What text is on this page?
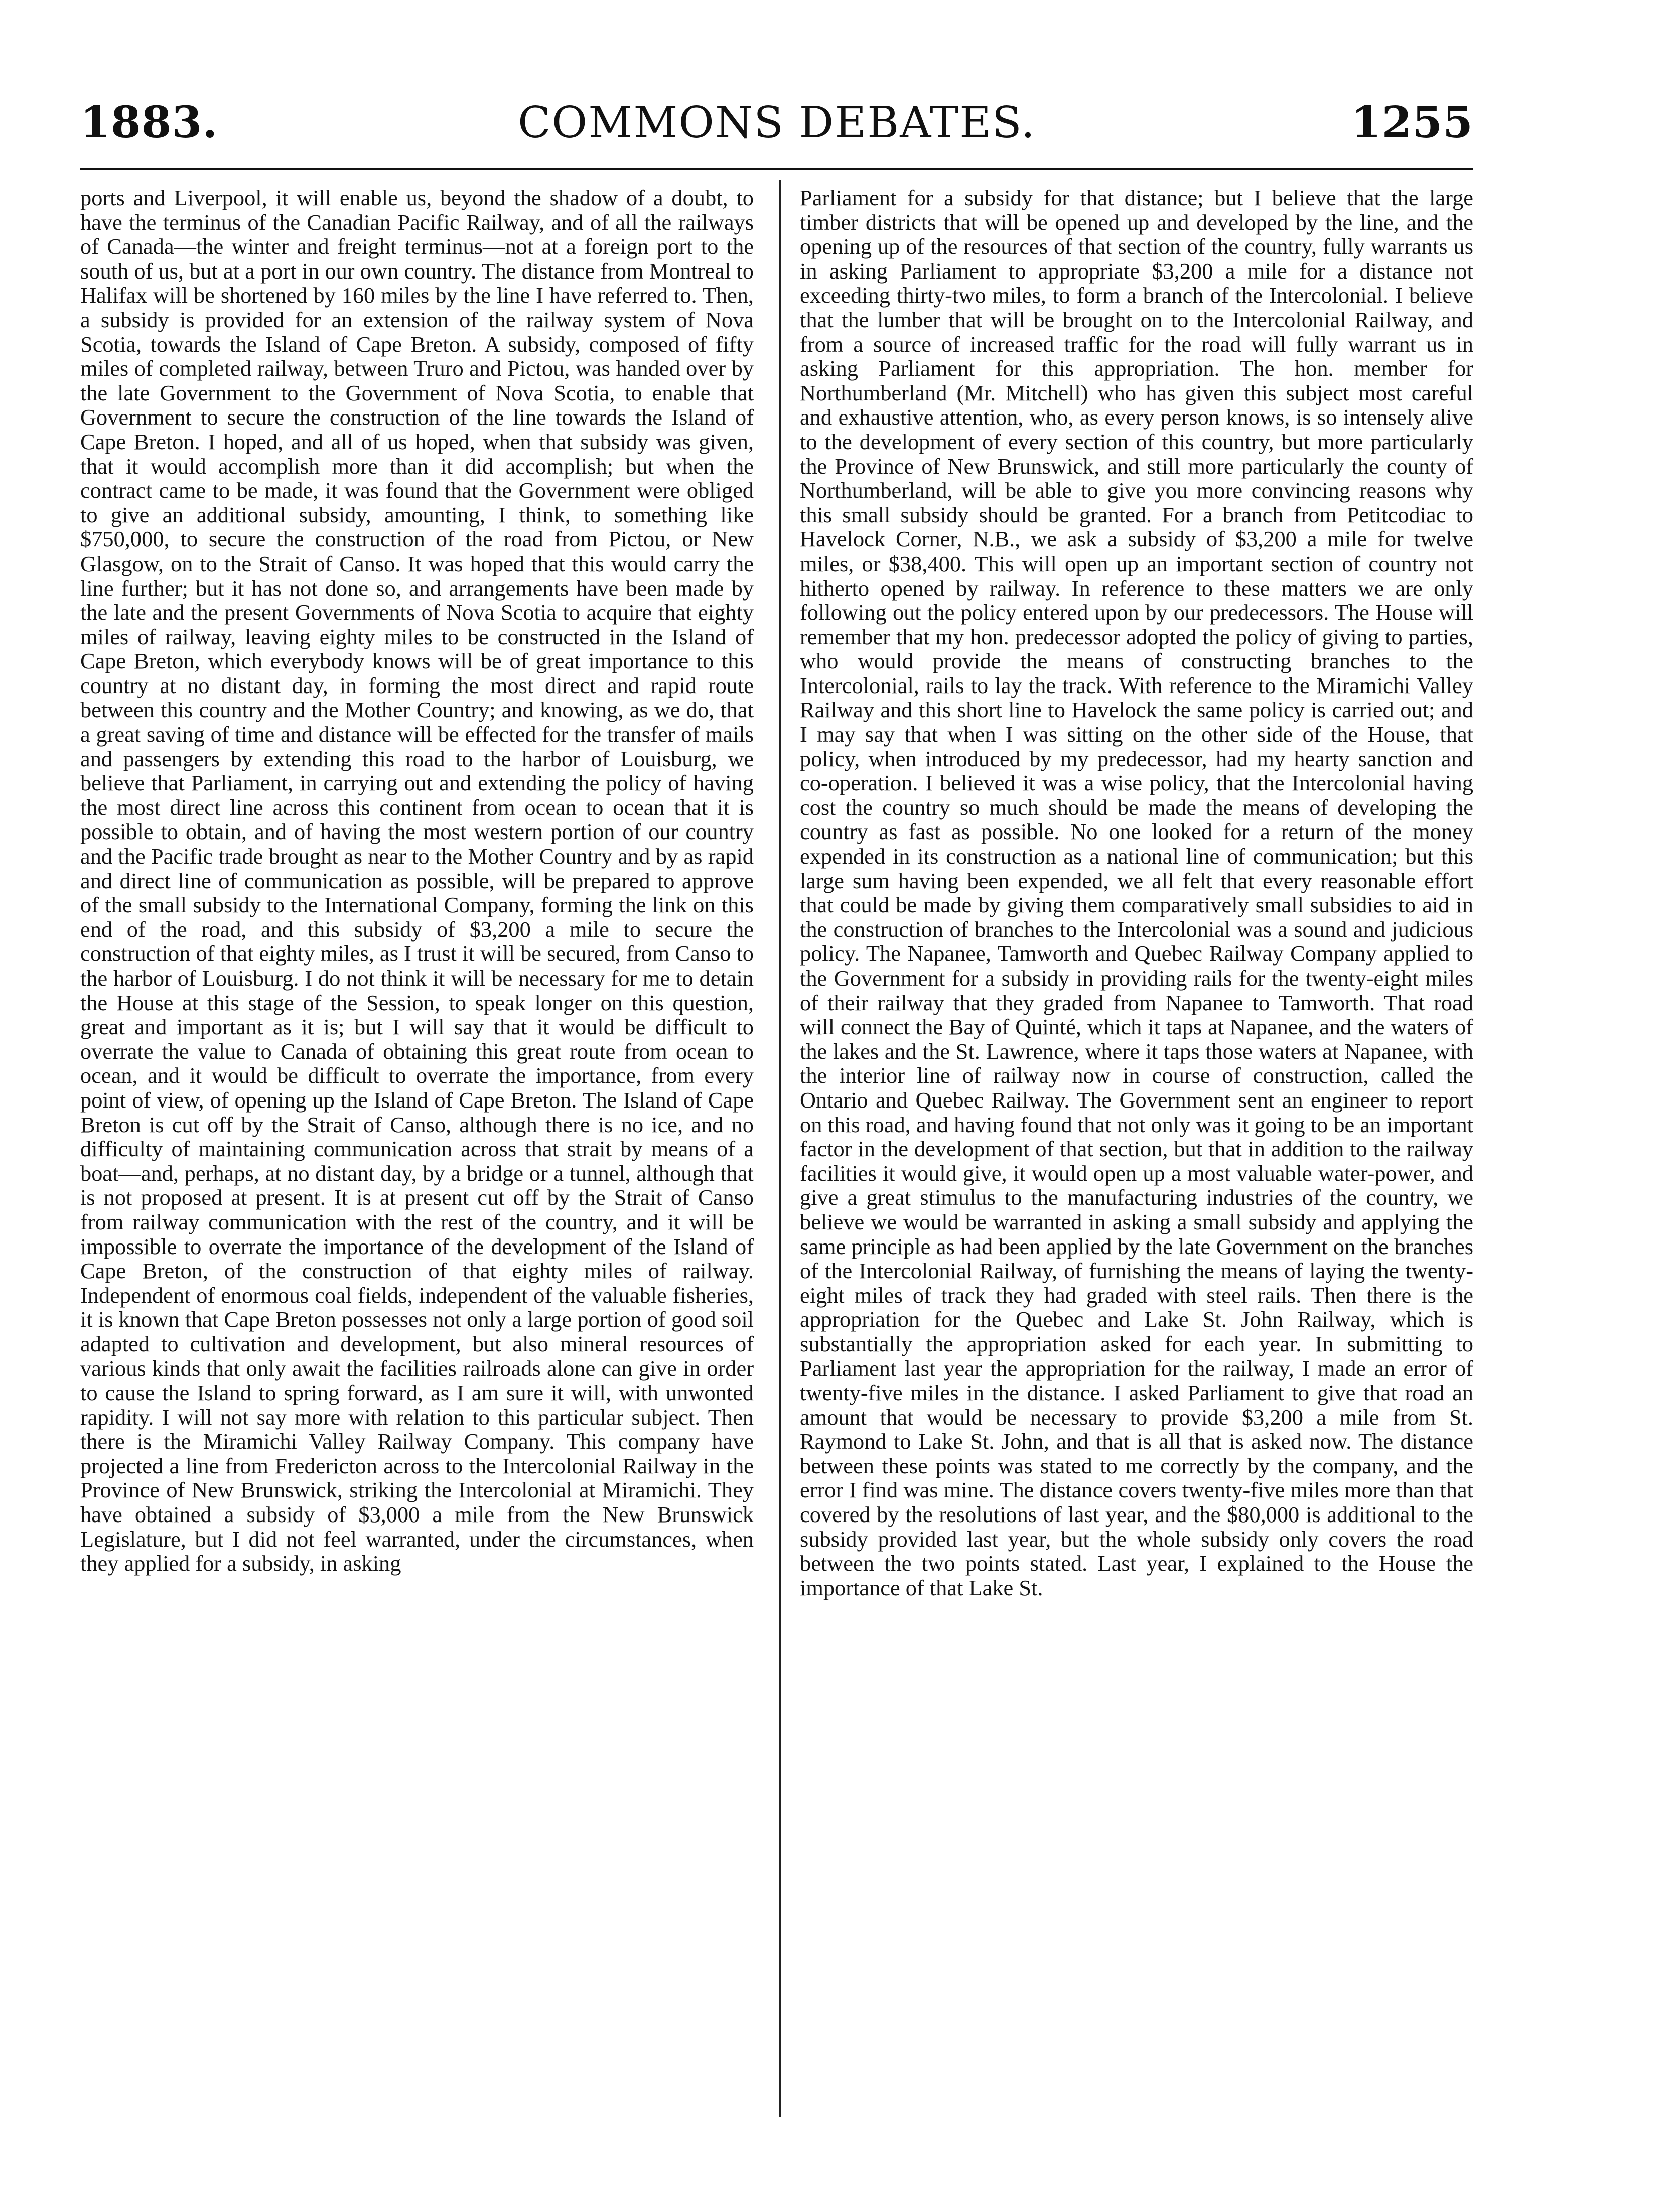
1883.	COMMONS DEBATES.	1255

ports and Liverpool, it will enable us, beyond the shadow of a doubt, to have the terminus of the Canadian Pacific Railway, and of all the railways of Canada—the winter and freight terminus—not at a foreign port to the south of us, but at a port in our own country. The distance from Montreal to Halifax will be shortened by 160 miles by the line I have referred to. Then, a subsidy is provided for an extension of the railway system of Nova Scotia, towards the Island of Cape Breton. A subsidy, composed of fifty miles of completed railway, between Truro and Pictou, was handed over by the late Government to the Government of Nova Scotia, to enable that Government to secure the construction of the line towards the Island of Cape Breton. I hoped, and all of us hoped, when that subsidy was given, that it would accomplish more than it did accomplish; but when the contract came to be made, it was found that the Government were obliged to give an additional subsidy, amounting, I think, to something like $750,000, to secure the construction of the road from Pictou, or New Glasgow, on to the Strait of Canso. It was hoped that this would carry the line further; but it has not done so, and arrangements have been made by the late and the present Governments of Nova Scotia to acquire that eighty miles of railway, leaving eighty miles to be constructed in the Island of Cape Breton, which everybody knows will be of great importance to this country at no distant day, in forming the most direct and rapid route between this country and the Mother Country; and knowing, as we do, that a great saving of time and distance will be effected for the transfer of mails and passengers by extending this road to the harbor of Louisburg, we believe that Parliament, in carrying out and extending the policy of having the most direct line across this continent from ocean to ocean that it is possible to obtain, and of having the most western portion of our country and the Pacific trade brought as near to the Mother Country and by as rapid and direct line of communication as possible, will be prepared to approve of the small subsidy to the International Company, forming the link on this end of the road, and this subsidy of $3,200 a mile to secure the construction of that eighty miles, as I trust it will be secured, from Canso to the harbor of Louisburg. I do not think it will be necessary for me to detain the House at this stage of the Session, to speak longer on this question, great and important as it is; but I will say that it would be difficult to overrate the value to Canada of obtaining this great route from ocean to ocean, and it would be difficult to overrate the importance, from every point of view, of opening up the Island of Cape Breton. The Island of Cape Breton is cut off by the Strait of Canso, although there is no ice, and no difficulty of maintaining communication across that strait by means of a boat—and, perhaps, at no distant day, by a bridge or a tunnel, although that is not proposed at present. It is at present cut off by the Strait of Canso from railway communication with the rest of the country, and it will be impossible to overrate the importance of the development of the Island of Cape Breton, of the construction of that eighty miles of railway. Independent of enormous coal fields, independent of the valuable fisheries, it is known that Cape Breton possesses not only a large portion of good soil adapted to cultivation and development, but also mineral resources of various kinds that only await the facilities railroads alone can give in order to cause the Island to spring forward, as I am sure it will, with unwonted rapidity. I will not say more with relation to this particular subject. Then there is the Miramichi Valley Railway Company. This company have projected a line from Fredericton across to the Intercolonial Railway in the Province of New Brunswick, striking the Intercolonial at Miramichi. They have obtained a subsidy of $3,000 a mile from the New Brunswick Legislature, but I did not feel warranted, under the circumstances, when they applied for a subsidy, in asking

Parliament for a subsidy for that distance; but I believe that the large timber districts that will be opened up and developed by the line, and the opening up of the resources of that section of the country, fully warrants us in asking Parliament to appropriate $3,200 a mile for a distance not exceeding thirty-two miles, to form a branch of the Intercolonial. I believe that the lumber that will be brought on to the Intercolonial Railway, and from a source of increased traffic for the road will fully warrant us in asking Parliament for this appropriation. The hon. member for Northumberland (Mr. Mitchell) who has given this subject most careful and exhaustive attention, who, as every person knows, is so intensely alive to the development of every section of this country, but more particularly the Province of New Brunswick, and still more particularly the county of Northumberland, will be able to give you more convincing reasons why this small subsidy should be granted. For a branch from Petitcodiac to Havelock Corner, N.B., we ask a subsidy of $3,200 a mile for twelve miles, or $38,400. This will open up an important section of country not hitherto opened by railway. In reference to these matters we are only following out the policy entered upon by our predecessors. The House will remember that my hon. predecessor adopted the policy of giving to parties, who would provide the means of constructing branches to the Intercolonial, rails to lay the track. With reference to the Miramichi Valley Railway and this short line to Havelock the same policy is carried out; and I may say that when I was sitting on the other side of the House, that policy, when introduced by my predecessor, had my hearty sanction and co-operation. I believed it was a wise policy, that the Intercolonial having cost the country so much should be made the means of developing the country as fast as possible. No one looked for a return of the money expended in its construction as a national line of communication; but this large sum having been expended, we all felt that every reasonable effort that could be made by giving them comparatively small subsidies to aid in the construction of branches to the Intercolonial was a sound and judicious policy. The Napanee, Tamworth and Quebec Railway Company applied to the Government for a subsidy in providing rails for the twenty-eight miles of their railway that they graded from Napanee to Tamworth. That road will connect the Bay of Quinté, which it taps at Napanee, and the waters of the lakes and the St. Lawrence, where it taps those waters at Napanee, with the interior line of railway now in course of construction, called the Ontario and Quebec Railway. The Government sent an engineer to report on this road, and having found that not only was it going to be an important factor in the development of that section, but that in addition to the railway facilities it would give, it would open up a most valuable water-power, and give a great stimulus to the manufacturing industries of the country, we believe we would be warranted in asking a small subsidy and applying the same principle as had been applied by the late Government on the branches of the Intercolonial Railway, of furnishing the means of laying the twenty-eight miles of track they had graded with steel rails. Then there is the appropriation for the Quebec and Lake St. John Railway, which is substantially the appropriation asked for each year. In submitting to Parliament last year the appropriation for the railway, I made an error of twenty-five miles in the distance. I asked Parliament to give that road an amount that would be necessary to provide $3,200 a mile from St. Raymond to Lake St. John, and that is all that is asked now. The distance between these points was stated to me correctly by the company, and the error I find was mine. The distance covers twenty-five miles more than that covered by the resolutions of last year, and the $80,000 is additional to the subsidy provided last year, but the whole subsidy only covers the road between the two points stated. Last year, I explained to the House the importance of that Lake St.
